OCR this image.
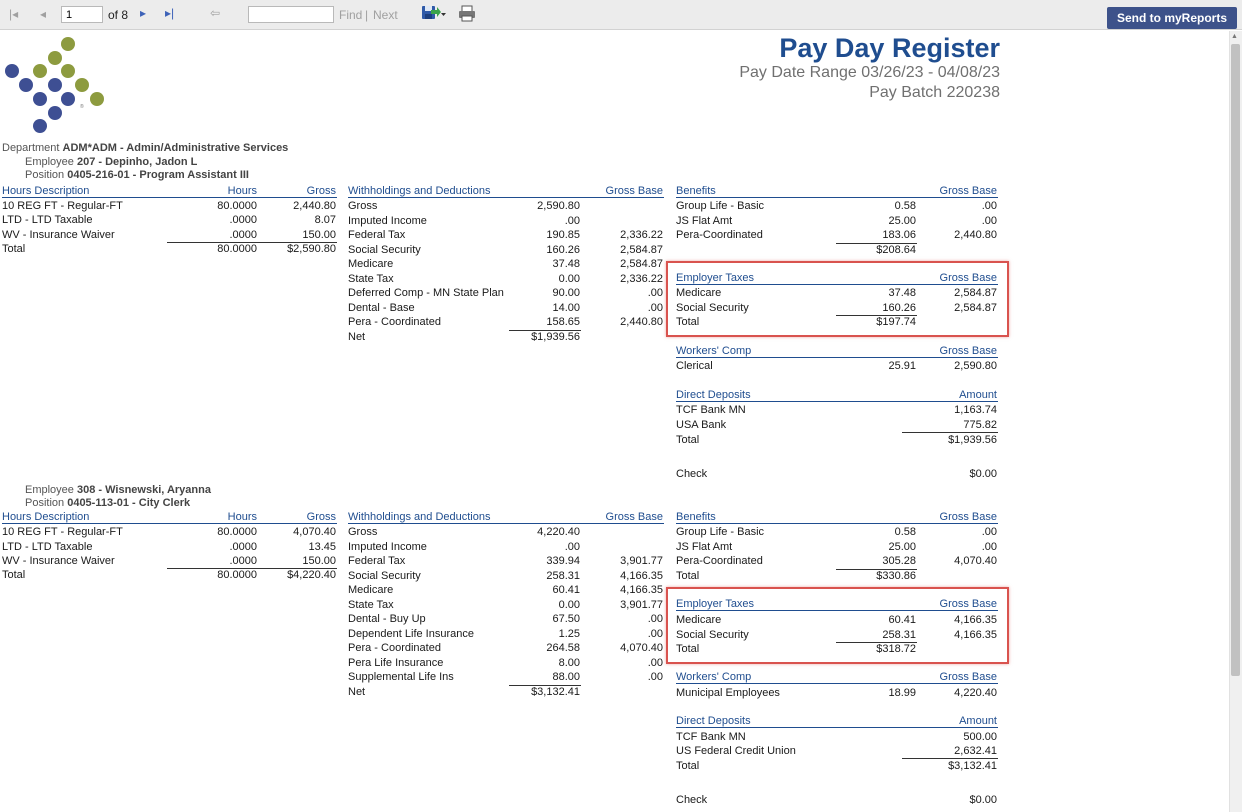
|◂ ◂
1	of 8 ▸ ▸|	⇦	Find | Next	Send to myReports
▲
®
Pay Day Register
Pay Date Range 03/26/23 - 04/08/23
Pay Batch 220238
Department ADM*ADM - Admin/Administrative Services
Employee 207 - Depinho, Jadon L
Position 0405-216-01 - Program Assistant III
Hours Description	Hours	Gross
10 REG FT - Regular-FT	80.0000	2,440.80
LTD - LTD Taxable	.0000	8.07
WV - Insurance Waiver	.0000	150.00
Total	80.0000	$2,590.80
Withholdings and Deductions	Gross Base
Gross	2,590.80
Imputed Income	.00
Federal Tax	190.85	2,336.22
Social Security	160.26	2,584.87
Medicare	37.48	2,584.87
State Tax	0.00	2,336.22
Deferred Comp - MN State Plan	90.00	.00
Dental - Base	14.00	.00
Pera - Coordinated	158.65	2,440.80
Net	$1,939.56
Benefits	Gross Base
Group Life - Basic	0.58	.00
JS Flat Amt	25.00	.00
Pera-Coordinated	183.06	2,440.80
$208.64
Employer Taxes	Gross Base
Medicare	37.48	2,584.87
Social Security	160.26	2,584.87
Total	$197.74
Workers' Comp	Gross Base
Clerical	25.91	2,590.80
Direct Deposits	Amount
TCF Bank MN	1,163.74
USA Bank	775.82
Total	$1,939.56
Check	$0.00
Employee 308 - Wisnewski, Aryanna
Position 0405-113-01 - City Clerk
Hours Description	Hours	Gross
10 REG FT - Regular-FT	80.0000	4,070.40
LTD - LTD Taxable	.0000	13.45
WV - Insurance Waiver	.0000	150.00
Total	80.0000	$4,220.40
Withholdings and Deductions	Gross Base
Gross	4,220.40
Imputed Income	.00
Federal Tax	339.94	3,901.77
Social Security	258.31	4,166.35
Medicare	60.41	4,166.35
State Tax	0.00	3,901.77
Dental - Buy Up	67.50	.00
Dependent Life Insurance	1.25	.00
Pera - Coordinated	264.58	4,070.40
Pera Life Insurance	8.00	.00
Supplemental Life Ins	88.00	.00
Net	$3,132.41
Benefits	Gross Base
Group Life - Basic	0.58	.00
JS Flat Amt	25.00	.00
Pera-Coordinated	305.28	4,070.40
Total	$330.86
Employer Taxes	Gross Base
Medicare	60.41	4,166.35
Social Security	258.31	4,166.35
Total	$318.72
Workers' Comp	Gross Base
Municipal Employees	18.99	4,220.40
Direct Deposits	Amount
TCF Bank MN	500.00
US Federal Credit Union	2,632.41
Total	$3,132.41
Check	$0.00
